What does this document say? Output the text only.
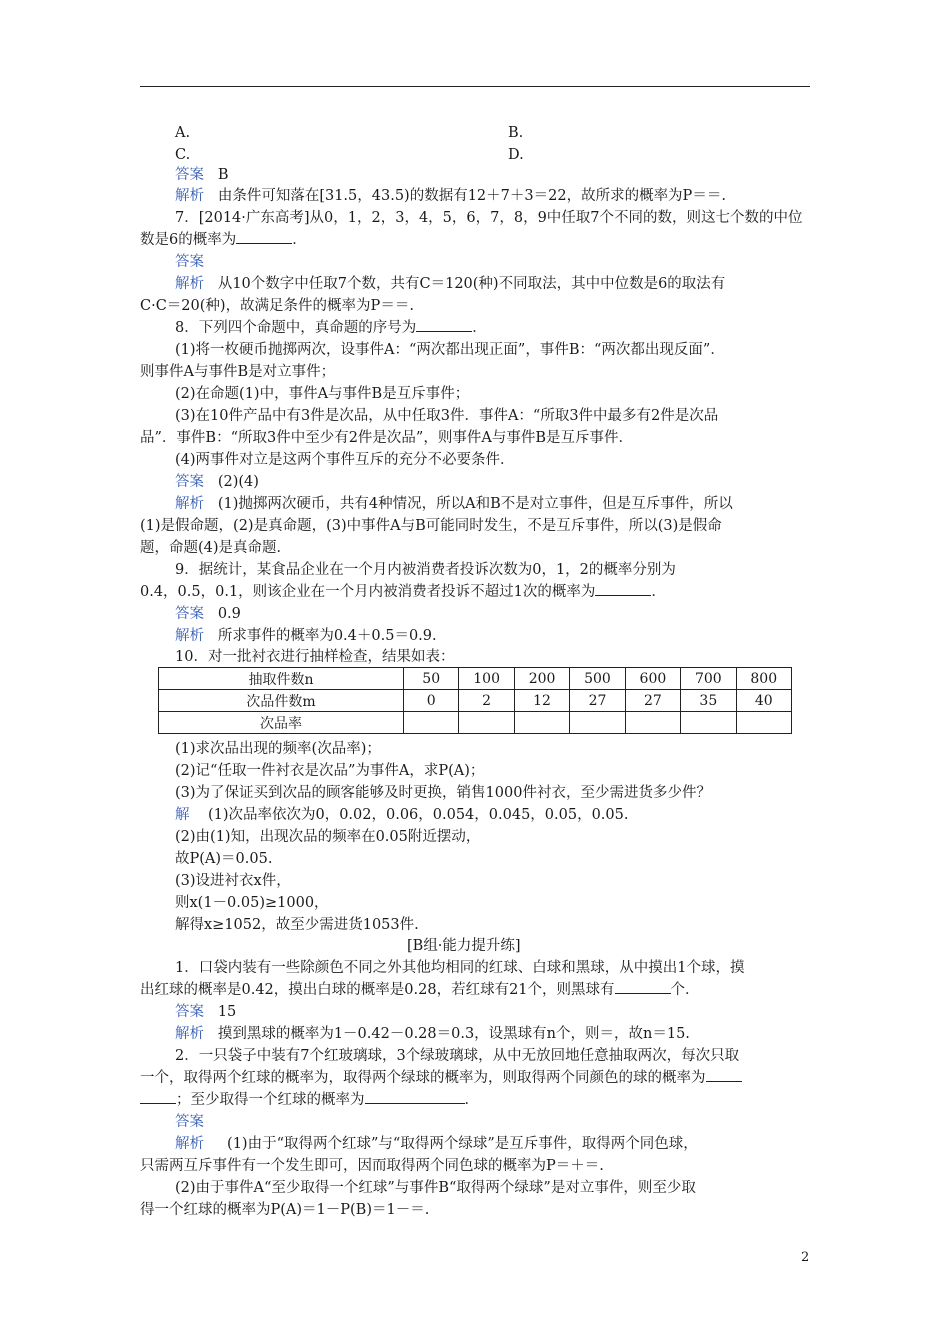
A.	B.
C.	D.
答案 B
解析 由条件可知落在[31.5，43.5)的数据有12＋7＋3＝22，故所求的概率为P＝＝.
7．[2014·广东高考]从0，1，2，3，4，5，6，7，8，9中任取7个不同的数，则这七个数的中位
数是6的概率为	．
答案
解析 从10个数字中任取7个数，共有C＝120(种)不同取法，其中中位数是6的取法有
C·C＝20(种)，故满足条件的概率为P＝＝.
8．下列四个命题中，真命题的序号为	．
(1)将一枚硬币抛掷两次，设事件A：“两次都出现正面”，事件B：“两次都出现反面”．
则事件A与事件B是对立事件；
(2)在命题(1)中，事件A与事件B是互斥事件；
(3)在10件产品中有3件是次品，从中任取3件．事件A：“所取3件中最多有2件是次品
品”．事件B：“所取3件中至少有2件是次品”，则事件A与事件B是互斥事件．
(4)两事件对立是这两个事件互斥的充分不必要条件．
答案 (2)(4)
解析 (1)抛掷两次硬币，共有4种情况，所以A和B不是对立事件，但是互斥事件，所以
(1)是假命题，(2)是真命题，(3)中事件A与B可能同时发生，不是互斥事件，所以(3)是假命
题，命题(4)是真命题．
9．据统计，某食品企业在一个月内被消费者投诉次数为0，1，2的概率分别为
0.4，0.5，0.1，则该企业在一个月内被消费者投诉不超过1次的概率为	．
答案 0.9
解析 所求事件的概率为0.4＋0.5＝0.9.
10．对一批衬衣进行抽样检查，结果如表：
抽取件数n	50	100	200	500	600	700	800
次品件数m	0	2	12	27	27	35	40
次品率							
(1)求次品出现的频率(次品率)；
(2)记“任取一件衬衣是次品”为事件A，求P(A)；
(3)为了保证买到次品的顾客能够及时更换，销售1000件衬衣，至少需进货多少件？
解 (1)次品率依次为0，0.02，0.06，0.054，0.045，0.05，0.05.
(2)由(1)知，出现次品的频率在0.05附近摆动，
故P(A)＝0.05.
(3)设进衬衣x件，
则x(1－0.05)≥1000，
解得x≥1052，故至少需进货1053件.
[B组·能力提升练]
1．口袋内装有一些除颜色不同之外其他均相同的红球、白球和黑球，从中摸出1个球，摸
出红球的概率是0.42，摸出白球的概率是0.28，若红球有21个，则黑球有	个．
答案 15
解析 摸到黑球的概率为1－0.42－0.28＝0.3，设黑球有n个，则＝，故n＝15.
2．一只袋子中装有7个红玻璃球，3个绿玻璃球，从中无放回地任意抽取两次，每次只取
一个，取得两个红球的概率为，取得两个绿球的概率为，则取得两个同颜色的球的概率为
；至少取得一个红球的概率为	．
答案
解析 (1)由于“取得两个红球”与“取得两个绿球”是互斥事件，取得两个同色球，
只需两互斥事件有一个发生即可，因而取得两个同色球的概率为P＝＋＝.
(2)由于事件A“至少取得一个红球”与事件B“取得两个绿球”是对立事件，则至少取
得一个红球的概率为P(A)＝1－P(B)＝1－＝.
2
